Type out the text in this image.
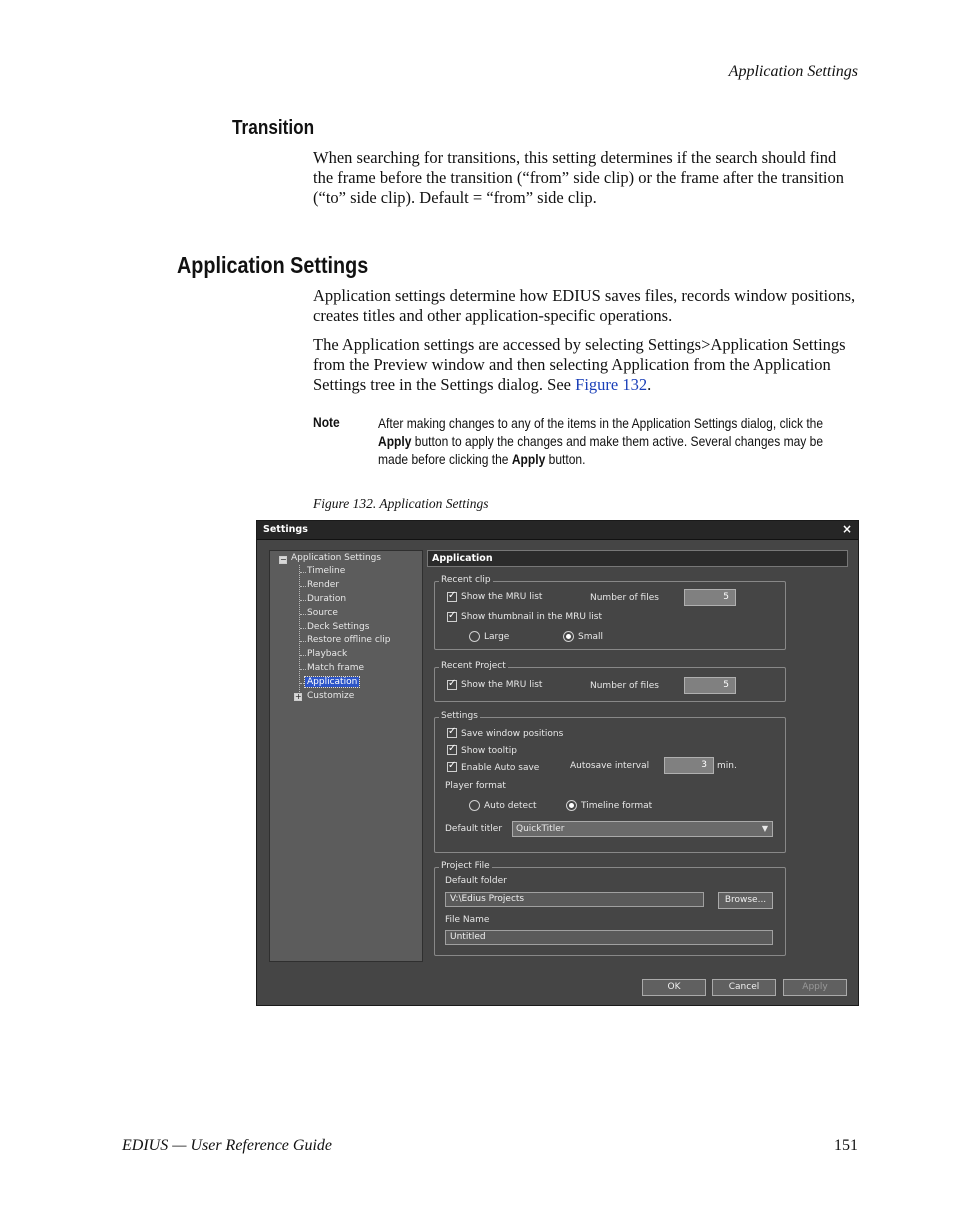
Application Settings
Transition
When searching for transitions, this setting determines if the search should find the frame before the transition (“from” side clip) or the frame after the transition (“to” side clip). Default = “from” side clip.
Application Settings
Application settings determine how EDIUS saves files, records window positions, creates titles and other application-specific operations.
The Application settings are accessed by selecting Settings>Application Settings from the Preview window and then selecting Application from the Application Settings tree in the Settings dialog. See Figure 132.
Note	After making changes to any of the items in the Application Settings dialog, click the Apply button to apply the changes and make them active. Several changes may be made before clicking the Apply button.
Figure 132. Application Settings
Settings	×
− Application Settings
Timeline
Render
Duration
Source
Deck Settings
Restore offline clip
Playback
Match frame
Application
+ Customize
Application
Recent clip
✓
Show the MRU list	Number of files	5
✓
Show thumbnail in the MRU list
Large	Small
Recent Project
✓
Show the MRU list	Number of files	5
Settings
✓
Save window positions
✓
Show tooltip
✓
Enable Auto save	Autosave interval	3	min.
Player format
Auto detect	Timeline format
Default titler	QuickTitler	▼
Project File
Default folder
V:\Edius Projects	Browse...
File Name
Untitled
OK	Cancel	Apply
EDIUS — User Reference Guide	151
